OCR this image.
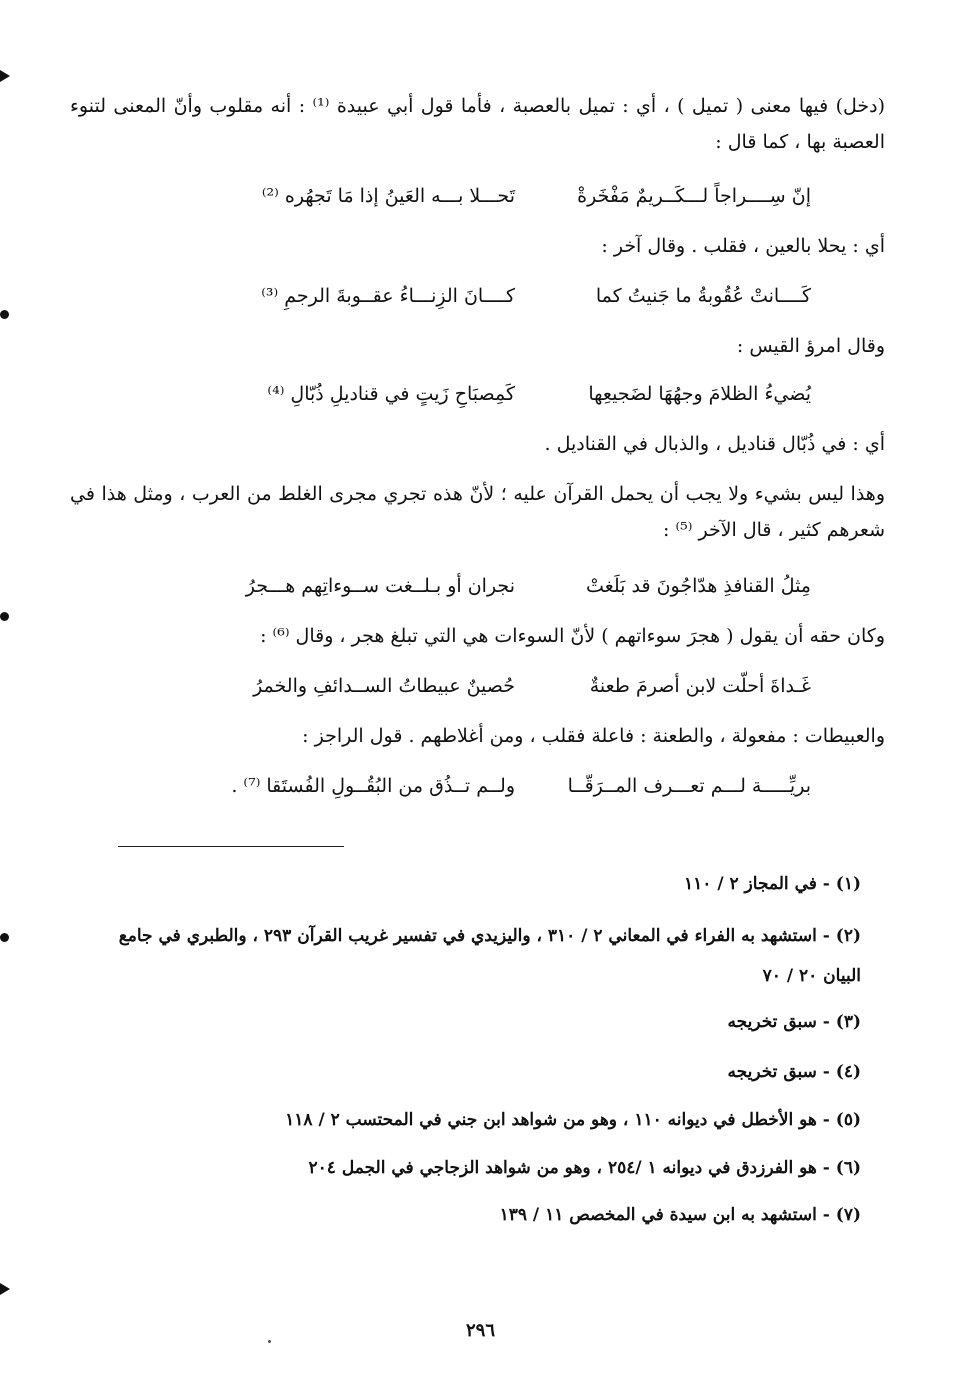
(دخل) فيها معنى ( تميل ) ، أي : تميل بالعصبة ، فأما قول أبي عبيدة ⁽¹⁾ : أنه مقلوب وأنّ المعنى لتنوء العصبة بها ، كما قال :

إنّ سِــــراجاً لـــكَــريمٌ مَفْخَرةْ
تَحـــلا بـــه العَينُ إذا مَا تَجهُره ⁽²⁾

أي : يحلا بالعين ، فقلب . وقال آخر :

كَــــانتْ عُقُوبةُ ما جَنيتُ كما
كــــانَ الزِنـــاءُ عقــوبةَ الرجمِ ⁽³⁾

وقال امرؤ القيس :

يُضيءُ الظلامَ وجهُهَا لضَجيعِها
كَمِصبَاحِ زَيتٍ في قناديلِ ذُبّالِ ⁽⁴⁾

أي : في ذُبّال قناديل ، والذبال في القناديل .

وهذا ليس بشيء ولا يجب أن يحمل القرآن عليه ؛ لأنّ هذه تجري مجرى الغلط من العرب ، ومثل هذا في شعرهم كثير ، قال الآخر ⁽⁵⁾ :

مِثلُ القنافذِ هدّاجُونَ قد بَلَغتْ
نجران أو بـلــغت ســوءاتِهم هـــجرُ

وكان حقه أن يقول ( هجرَ سوءاتهم ) لأنّ السوءات هي التي تبلغ هجر ، وقال ⁽⁶⁾ :

غَـداةَ أحلّت لابن أصرمَ طعنةٌ
حُصينٌ عبيطاتُ الســدائفِ والخمرُ

والعبيطات : مفعولة ، والطعنة : فاعلة فقلب ، ومن أغلاطهم . قول الراجز :

بريِّـــــة لـــم تعـــرف المــرَقّــا
ولــم تــذُق من البُقُــولِ الفُستَقا ⁽⁷⁾ .

(١) - في المجاز ٢ / ١١٠

(٢) - استشهد به الفراء في المعاني ٢ / ٣١٠ ، واليزيدي في تفسير غريب القرآن ٢٩٣ ، والطبري في جامع البيان ٢٠ / ٧٠

(٣) - سبق تخريجه

(٤) - سبق تخريجه

(٥) - هو الأخطل في ديوانه ١١٠ ، وهو من شواهد ابن جني في المحتسب ٢ / ١١٨

(٦) - هو الفرزدق في ديوانه ١ /٢٥٤ ، وهو من شواهد الزجاجي في الجمل ٢٠٤

(٧) - استشهد به ابن سيدة في المخصص ١١ / ١٣٩

٢٩٦
